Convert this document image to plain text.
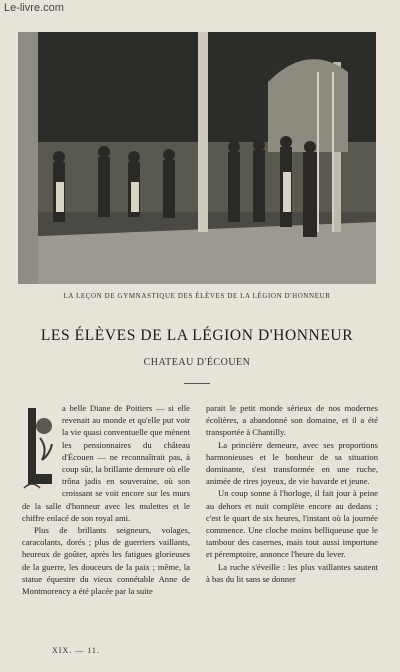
Le-livre.com
LA LEÇON DE GYMNASTIQUE DES ÉLÈVES DE LA LÉGION D'HONNEUR
LES ÉLÈVES DE LA LÉGION D'HONNEUR
CHATEAU D'ÉCOUEN

a belle Diane de Poitiers — si elle revenait au monde et qu'elle put voir la vie quasi conventuelle que mènent les pensionnaires du château d'Écouen — ne reconnaîtrait pas, à coup sûr, la brillante demeure où elle trôna jadis en souveraine, où son croissant se voit encore sur les murs de la salle d'honneur avec les mulettes et le chiffre enlacé de son royal ami.

Plus de brillants seigneurs, volages, caracolants, dorés ; plus de guerriers vaillants, heureux de goûter, après les fatigues glorieuses de la guerre, les douceurs de la paix ; même, la statue équestre du vieux connétable Anne de Montmorency a été placée par la suite

parait le petit monde sérieux de nos modernes écolières, a abandonné son domaine, et il a été transportée à Chantilly.

La princière demeure, avec ses proportions harmonieuses et le bonheur de sa situation dominante, s'est transformée en une ruche, animée de rires joyeux, de vie bavarde et jeune.

Un coup sonne à l'horloge, il fait jour à peine au dehors et nuit complète encore au dedans ; c'est le quart de six heures, l'instant où la journée commence. Une cloche moins belliqueuse que le tambour des casernes, mais tout aussi importune et péremptoire, annonce l'heure du lever.

La ruche s'éveille : les plus vaillantes sautent à bas du lit sans se donner

XIX. — 11.
